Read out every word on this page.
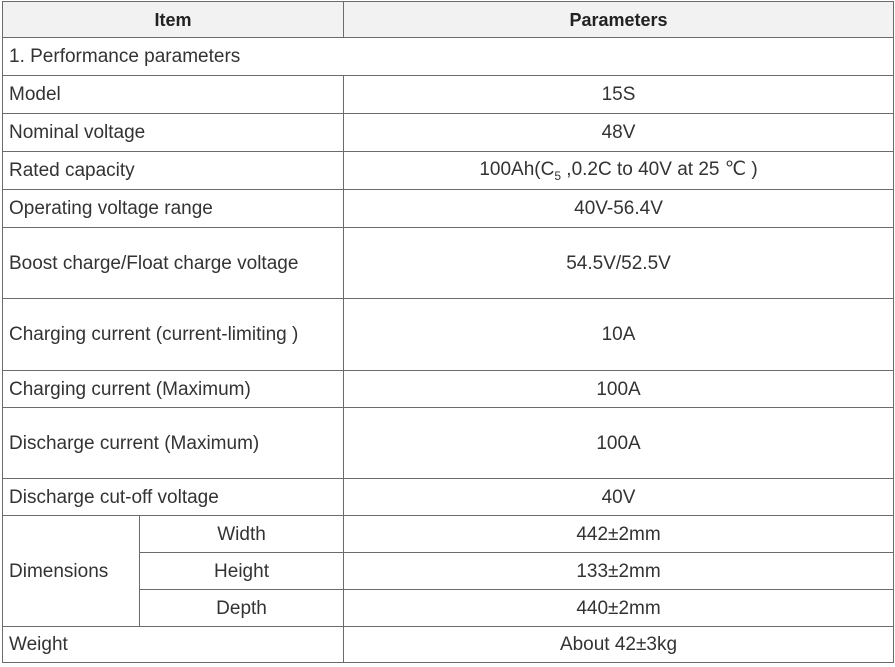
Item		Parameters
1. Performance parameters		
Model		15S
Nominal voltage		48V
Rated capacity		$100Ah(C_5$ ,0.2C to 40V at 25 ℃ )
Operating voltage range		40V-56.4V
Boost charge/Float charge voltage		54.5V/52.5V
Charging current (current-limiting )		10A
Charging current (Maximum)		100A
Discharge current (Maximum)		100A
Discharge cut-off voltage		40V
Dimensions	Width	442±2mm
	Height	133±2mm
	Depth	440±2mm
Weight		About 42±3kg
